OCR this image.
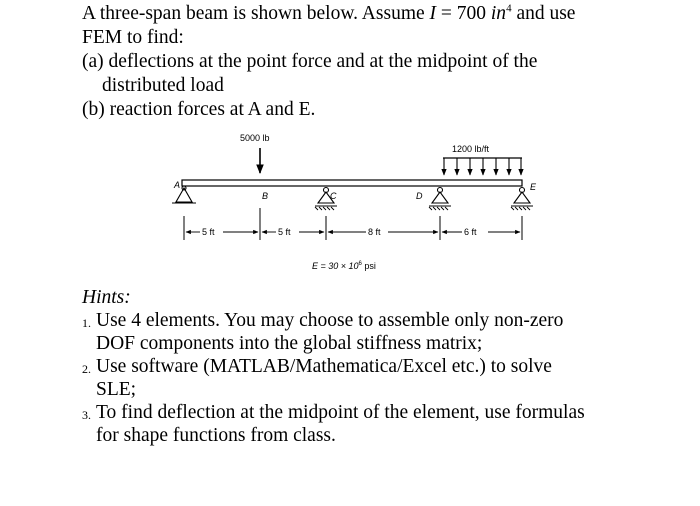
A three-span beam is shown below. Assume I = 700 $in^4$ and use

FEM to find:

(a) deflections at the point force and at the midpoint of the

distributed load

(b) reaction forces at A and E.

5000 lb
1200 lb/ft
A
B	C	D
E
5 ft	5 ft	8 ft	6 ft
$E = 30 \times 10^6$ psi

Hints:

1. Use 4 elements. You may choose to assemble only non-zero
DOF components into the global stiffness matrix;
2. Use software (MATLAB/Mathematica/Excel etc.) to solve
SLE;
3. To find deflection at the midpoint of the element, use formulas
for shape functions from class.
